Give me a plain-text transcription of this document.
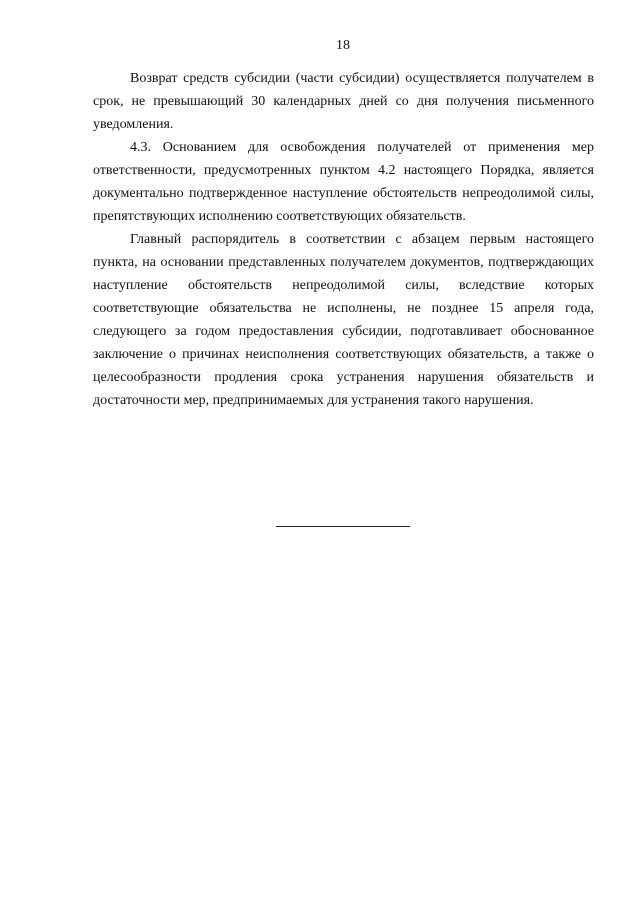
18

Возврат средств субсидии (части субсидии) осуществляется получателем в срок, не превышающий 30 календарных дней со дня получения письменного уведомления.

4.3. Основанием для освобождения получателей от применения мер ответственности, предусмотренных пунктом 4.2 настоящего Порядка, является документально подтвержденное наступление обстоятельств непреодолимой силы, препятствующих исполнению соответствующих обязательств.

Главный распорядитель в соответствии с абзацем первым настоящего пункта, на основании представленных получателем документов, подтверждающих наступление обстоятельств непреодолимой силы, вследствие которых соответствующие обязательства не исполнены, не позднее 15 апреля года, следующего за годом предоставления субсидии, подготавливает обоснованное заключение о причинах неисполнения соответствующих обязательств, а также о целесообразности продления срока устранения нарушения обязательств и достаточности мер, предпринимаемых для устранения такого нарушения.
